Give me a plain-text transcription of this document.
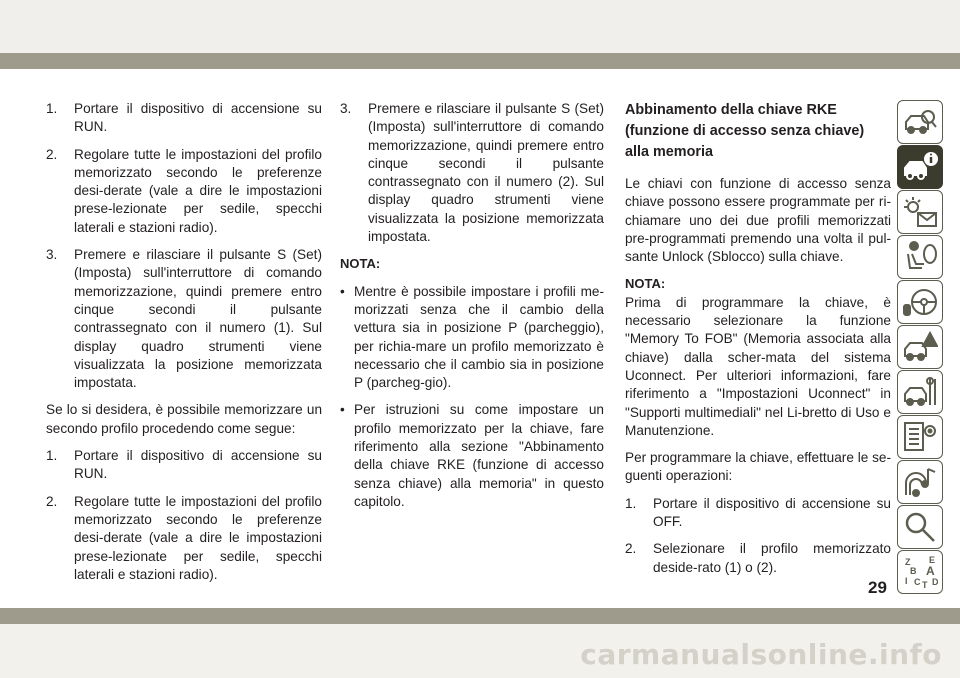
1. Portare il dispositivo di accensione su RUN.
2. Regolare tutte le impostazioni del profilo memorizzato secondo le preferenze desi-derate (vale a dire le impostazioni prese-lezionate per sedile, specchi laterali e stazioni radio).
3. Premere e rilasciare il pulsante S (Set) (Imposta) sull'interruttore di comando memorizzazione, quindi premere entro cinque secondi il pulsante contrassegnato con il numero (1). Sul display quadro strumenti viene visualizzata la posizione memorizzata impostata.

Se lo si desidera, è possibile memorizzare un secondo profilo procedendo come segue:

1. Portare il dispositivo di accensione su RUN.
2. Regolare tutte le impostazioni del profilo memorizzato secondo le preferenze desi-derate (vale a dire le impostazioni prese-lezionate per sedile, specchi laterali e stazioni radio).
3. Premere e rilasciare il pulsante S (Set) (Imposta) sull'interruttore di comando memorizzazione, quindi premere entro cinque secondi il pulsante contrassegnato con il numero (2). Sul display quadro strumenti viene visualizzata la posizione memorizzata impostata.
NOTA:
• Mentre è possibile impostare i profili me-morizzati senza che il cambio della vettura sia in posizione P (parcheggio), per richia-mare un profilo memorizzato è necessario che il cambio sia in posizione P (parcheg-gio).
• Per istruzioni su come impostare un profilo memorizzato per la chiave, fare riferimento alla sezione "Abbinamento della chiave RKE (funzione di accesso senza chiave) alla memoria" in questo capitolo.
Abbinamento della chiave RKE (funzione di accesso senza chiave) alla memoria

Le chiavi con funzione di accesso senza chiave possono essere programmate per ri-chiamare uno dei due profili memorizzati pre-programmati premendo una volta il pul-sante Unlock (Sblocco) sulla chiave.

NOTA:

Prima di programmare la chiave, è necessario selezionare la funzione "Memory To FOB" (Memoria associata alla chiave) dalla scher-mata del sistema Uconnect. Per ulteriori informazioni, fare riferimento a "Impostazioni Uconnect" in "Supporti multimediali" nel Li-bretto di Uso e Manutenzione.

Per programmare la chiave, effettuare le se-guenti operazioni:

1. Portare il dispositivo di accensione su OFF.
2. Selezionare il profilo memorizzato deside-rato (1) o (2).	Z E
B A
I C D
T
29
carmanualsonline.info
